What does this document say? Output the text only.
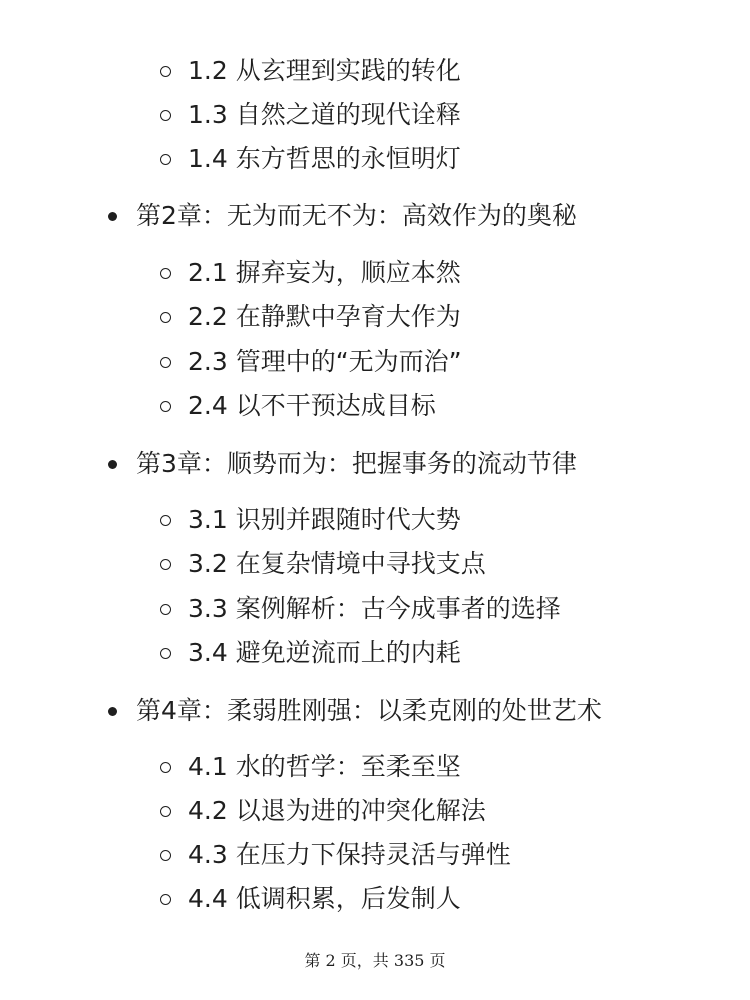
1.2 从玄理到实践的转化
1.3 自然之道的现代诠释
1.4 东方哲思的永恒明灯
第2章：无为而无不为：高效作为的奥秘
2.1 摒弃妄为，顺应本然
2.2 在静默中孕育大作为
2.3 管理中的“无为而治”
2.4 以不干预达成目标
第3章：顺势而为：把握事务的流动节律
3.1 识别并跟随时代大势
3.2 在复杂情境中寻找支点
3.3 案例解析：古今成事者的选择
3.4 避免逆流而上的内耗
第4章：柔弱胜刚强：以柔克刚的处世艺术
4.1 水的哲学：至柔至坚
4.2 以退为进的冲突化解法
4.3 在压力下保持灵活与弹性
4.4 低调积累，后发制人
第 2 页，共 335 页
